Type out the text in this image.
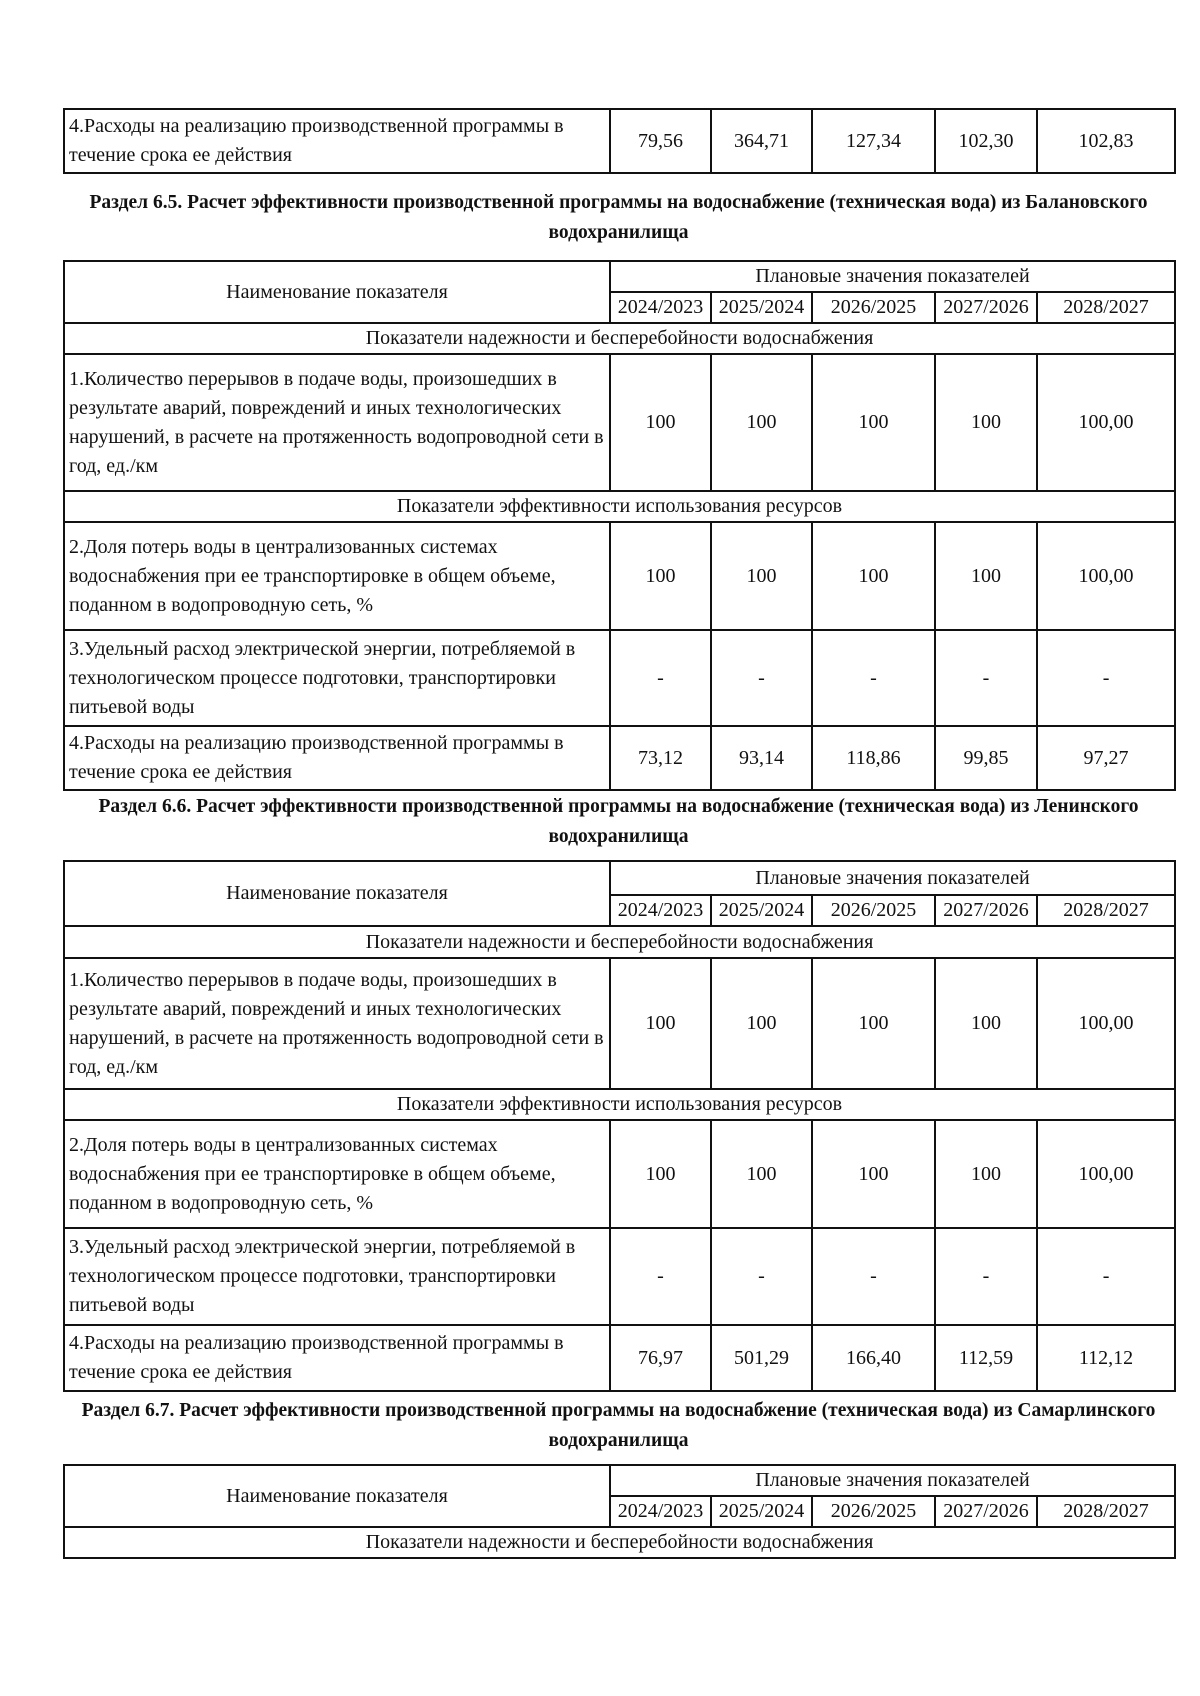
4.Расходы на реализацию производственной программы в течение срока ее действия	79,56	364,71	127,34	102,30	102,83
Раздел 6.5. Расчет эффективности производственной программы на водоснабжение (техническая вода) из Балановского водохранилища
Наименование показателя	Плановые значения показателей				
	2024/2023	2025/2024	2026/2025	2027/2026	2028/2027
Показатели надежности и бесперебойности водоснабжения					
1.Количество перерывов в подаче воды, произошедших в результате аварий, повреждений и иных технологических нарушений, в расчете на протяженность водопроводной сети в год, ед./км	100	100	100	100	100,00
Показатели эффективности использования ресурсов					
2.Доля потерь воды в централизованных системах водоснабжения при ее транспортировке в общем объеме, поданном в водопроводную сеть, %	100	100	100	100	100,00
3.Удельный расход электрической энергии, потребляемой в технологическом процессе подготовки, транспортировки питьевой воды	-	-	-	-	-
4.Расходы на реализацию производственной программы в течение срока ее действия	73,12	93,14	118,86	99,85	97,27
Раздел 6.6. Расчет эффективности производственной программы на водоснабжение (техническая вода) из Ленинского водохранилища
Наименование показателя	Плановые значения показателей				
	2024/2023	2025/2024	2026/2025	2027/2026	2028/2027
Показатели надежности и бесперебойности водоснабжения					
1.Количество перерывов в подаче воды, произошедших в результате аварий, повреждений и иных технологических нарушений, в расчете на протяженность водопроводной сети в год, ед./км	100	100	100	100	100,00
Показатели эффективности использования ресурсов					
2.Доля потерь воды в централизованных системах водоснабжения при ее транспортировке в общем объеме, поданном в водопроводную сеть, %	100	100	100	100	100,00
3.Удельный расход электрической энергии, потребляемой в технологическом процессе подготовки, транспортировки питьевой воды	-	-	-	-	-
4.Расходы на реализацию производственной программы в течение срока ее действия	76,97	501,29	166,40	112,59	112,12
Раздел 6.7. Расчет эффективности производственной программы на водоснабжение (техническая вода) из Самарлинского водохранилища
Наименование показателя	Плановые значения показателей				
	2024/2023	2025/2024	2026/2025	2027/2026	2028/2027
Показатели надежности и бесперебойности водоснабжения					
